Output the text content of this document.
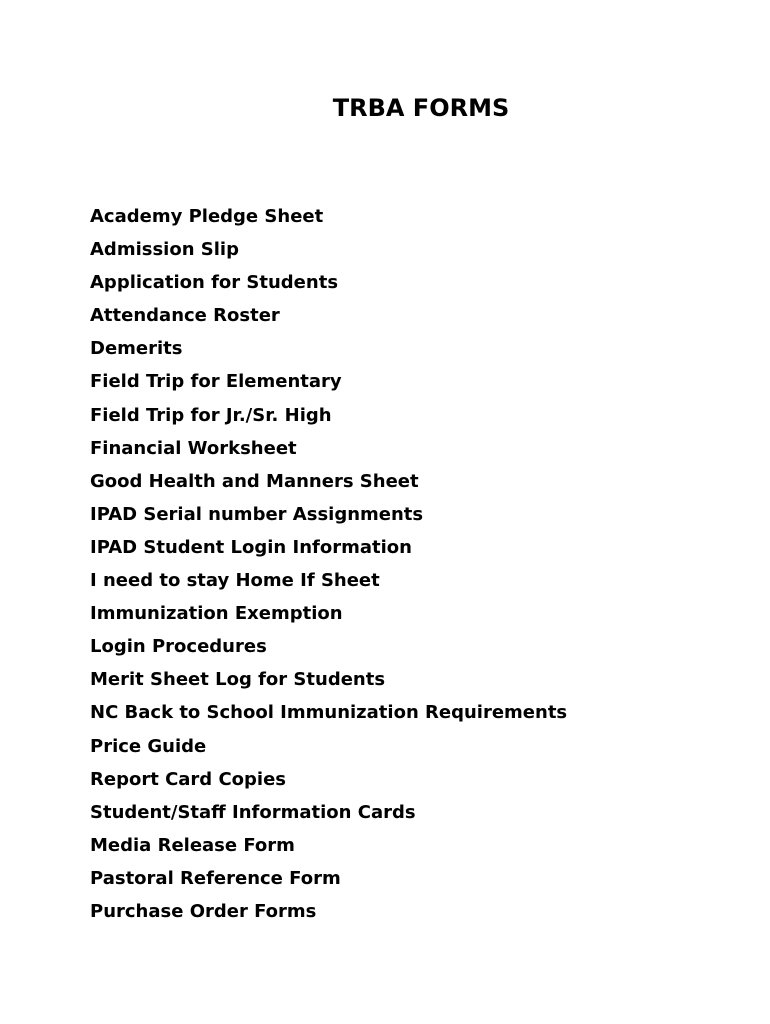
TRBA FORMS
Academy Pledge Sheet
Admission Slip
Application for Students
Attendance Roster
Demerits
Field Trip for Elementary
Field Trip for Jr./Sr. High
Financial Worksheet
Good Health and Manners Sheet
IPAD Serial number Assignments
IPAD Student Login Information
I need to stay Home If Sheet
Immunization Exemption
Login Procedures
Merit Sheet Log for Students
NC Back to School Immunization Requirements
Price Guide
Report Card Copies
Student/Staff Information Cards
Media Release Form
Pastoral Reference Form
Purchase Order Forms
